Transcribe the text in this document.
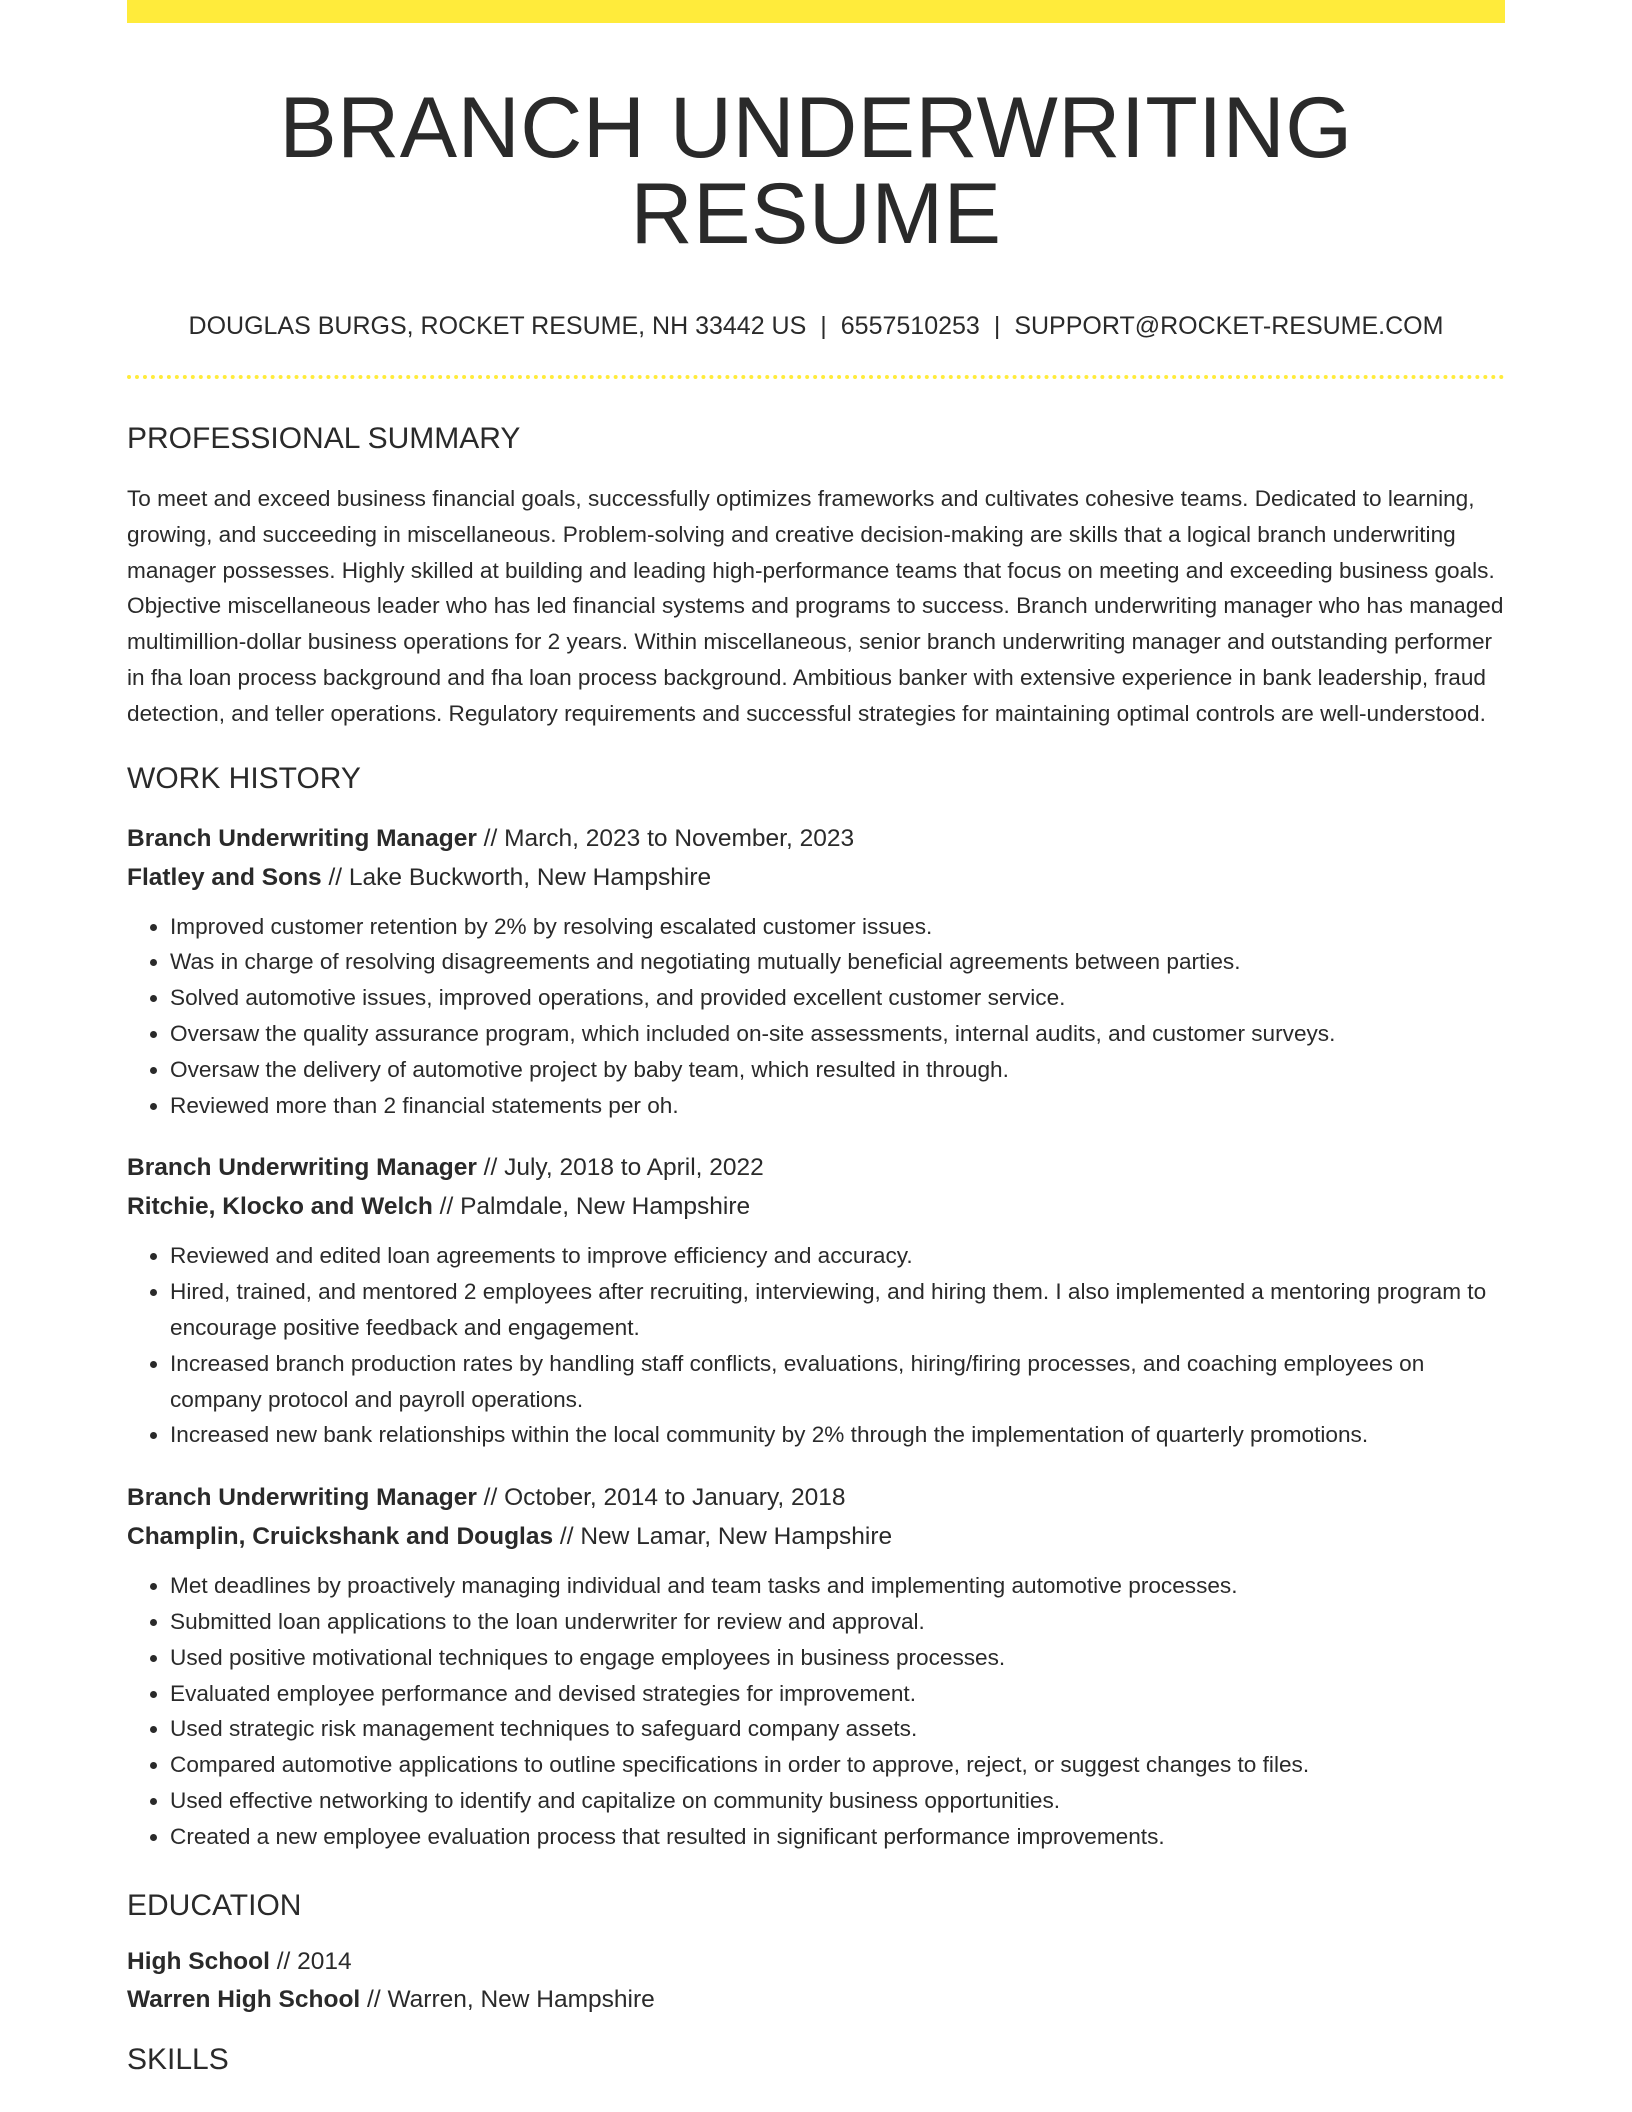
BRANCH UNDERWRITING RESUME
DOUGLAS BURGS, ROCKET RESUME, NH 33442 US | 6557510253 | SUPPORT@ROCKET-RESUME.COM
PROFESSIONAL SUMMARY

To meet and exceed business financial goals, successfully optimizes frameworks and cultivates cohesive teams. Dedicated to learning, growing, and succeeding in miscellaneous. Problem-solving and creative decision-making are skills that a logical branch underwriting manager possesses. Highly skilled at building and leading high-performance teams that focus on meeting and exceeding business goals. Objective miscellaneous leader who has led financial systems and programs to success. Branch underwriting manager who has managed multimillion-dollar business operations for 2 years. Within miscellaneous, senior branch underwriting manager and outstanding performer in fha loan process background and fha loan process background. Ambitious banker with extensive experience in bank leadership, fraud detection, and teller operations. Regulatory requirements and successful strategies for maintaining optimal controls are well-understood.

WORK HISTORY
Branch Underwriting Manager // March, 2023 to November, 2023
Flatley and Sons // Lake Buckworth, New Hampshire
• Improved customer retention by 2% by resolving escalated customer issues.
• Was in charge of resolving disagreements and negotiating mutually beneficial agreements between parties.
• Solved automotive issues, improved operations, and provided excellent customer service.
• Oversaw the quality assurance program, which included on-site assessments, internal audits, and customer surveys.
• Oversaw the delivery of automotive project by baby team, which resulted in through.
• Reviewed more than 2 financial statements per oh.
Branch Underwriting Manager // July, 2018 to April, 2022
Ritchie, Klocko and Welch // Palmdale, New Hampshire
• Reviewed and edited loan agreements to improve efficiency and accuracy.
• Hired, trained, and mentored 2 employees after recruiting, interviewing, and hiring them. I also implemented a mentoring program to encourage positive feedback and engagement.
• Increased branch production rates by handling staff conflicts, evaluations, hiring/firing processes, and coaching employees on company protocol and payroll operations.
• Increased new bank relationships within the local community by 2% through the implementation of quarterly promotions.
Branch Underwriting Manager // October, 2014 to January, 2018
Champlin, Cruickshank and Douglas // New Lamar, New Hampshire
• Met deadlines by proactively managing individual and team tasks and implementing automotive processes.
• Submitted loan applications to the loan underwriter for review and approval.
• Used positive motivational techniques to engage employees in business processes.
• Evaluated employee performance and devised strategies for improvement.
• Used strategic risk management techniques to safeguard company assets.
• Compared automotive applications to outline specifications in order to approve, reject, or suggest changes to files.
• Used effective networking to identify and capitalize on community business opportunities.
• Created a new employee evaluation process that resulted in significant performance improvements.
EDUCATION
High School // 2014
Warren High School // Warren, New Hampshire
SKILLS
